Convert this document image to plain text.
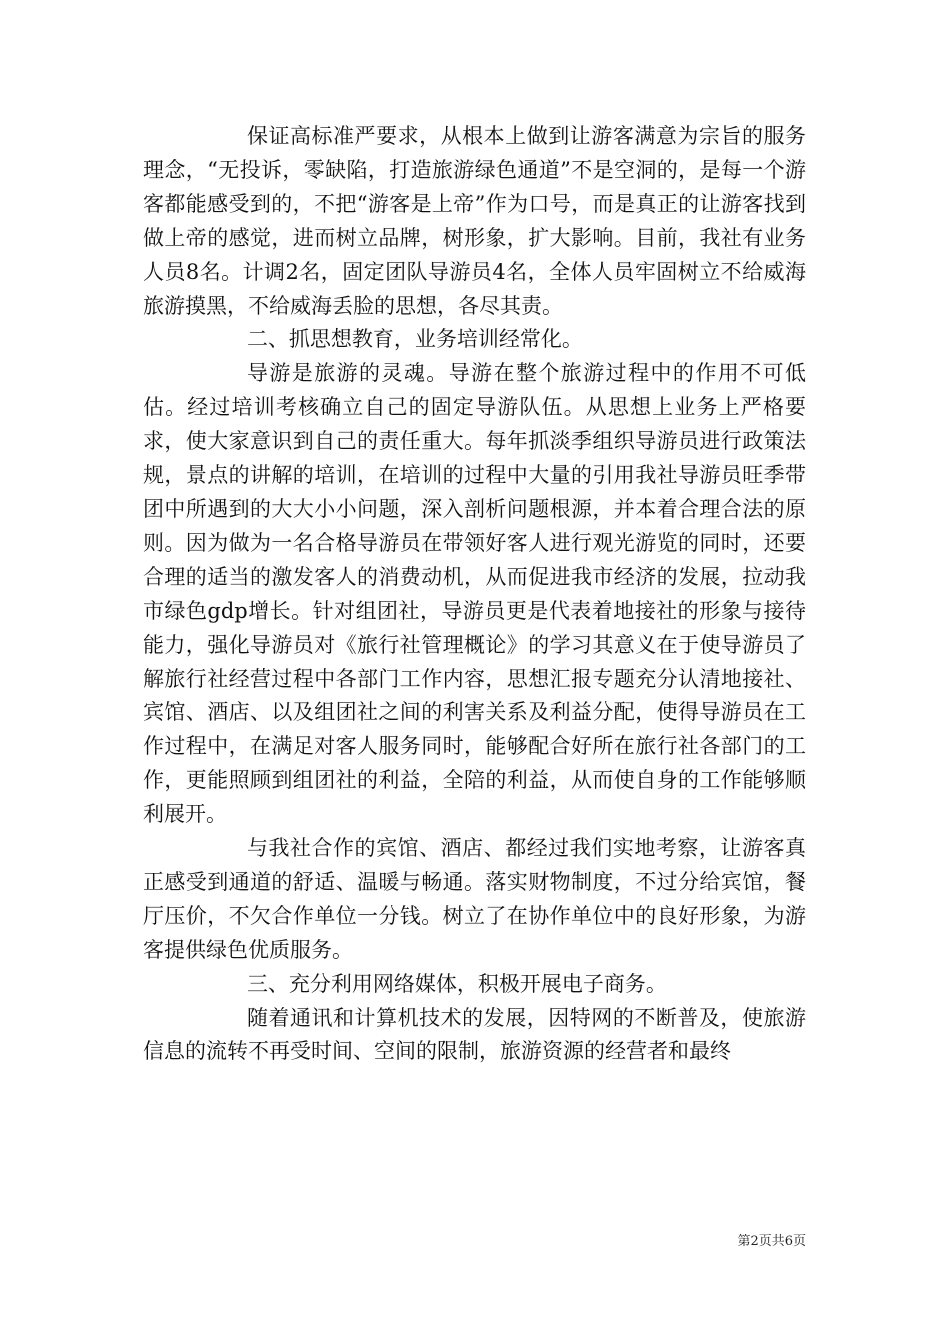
保证高标准严要求，从根本上做到让游客满意为宗旨的服务理念，“无投诉，零缺陷，打造旅游绿色通道”不是空洞的，是每一个游客都能感受到的，不把“游客是上帝”作为口号，而是真正的让游客找到做上帝的感觉，进而树立品牌，树形象，扩大影响。目前，我社有业务人员8名。计调2名，固定团队导游员4名，全体人员牢固树立不给威海旅游摸黑，不给威海丢脸的思想，各尽其责。

二、抓思想教育，业务培训经常化。

导游是旅游的灵魂。导游在整个旅游过程中的作用不可低估。经过培训考核确立自己的固定导游队伍。从思想上业务上严格要求，使大家意识到自己的责任重大。每年抓淡季组织导游员进行政策法规，景点的讲解的培训，在培训的过程中大量的引用我社导游员旺季带团中所遇到的大大小小问题，深入剖析问题根源，并本着合理合法的原则。因为做为一名合格导游员在带领好客人进行观光游览的同时，还要合理的适当的激发客人的消费动机，从而促进我市经济的发展，拉动我市绿色gdp增长。针对组团社，导游员更是代表着地接社的形象与接待能力，强化导游员对《旅行社管理概论》的学习其意义在于使导游员了解旅行社经营过程中各部门工作内容，思想汇报专题充分认清地接社、宾馆、酒店、以及组团社之间的利害关系及利益分配，使得导游员在工作过程中，在满足对客人服务同时，能够配合好所在旅行社各部门的工作，更能照顾到组团社的利益，全陪的利益，从而使自身的工作能够顺利展开。

与我社合作的宾馆、酒店、都经过我们实地考察，让游客真正感受到通道的舒适、温暖与畅通。落实财物制度，不过分给宾馆，餐厅压价，不欠合作单位一分钱。树立了在协作单位中的良好形象，为游客提供绿色优质服务。

三、充分利用网络媒体，积极开展电子商务。

随着通讯和计算机技术的发展，因特网的不断普及，使旅游信息的流转不再受时间、空间的限制，旅游资源的经营者和最终

第2页共6页
